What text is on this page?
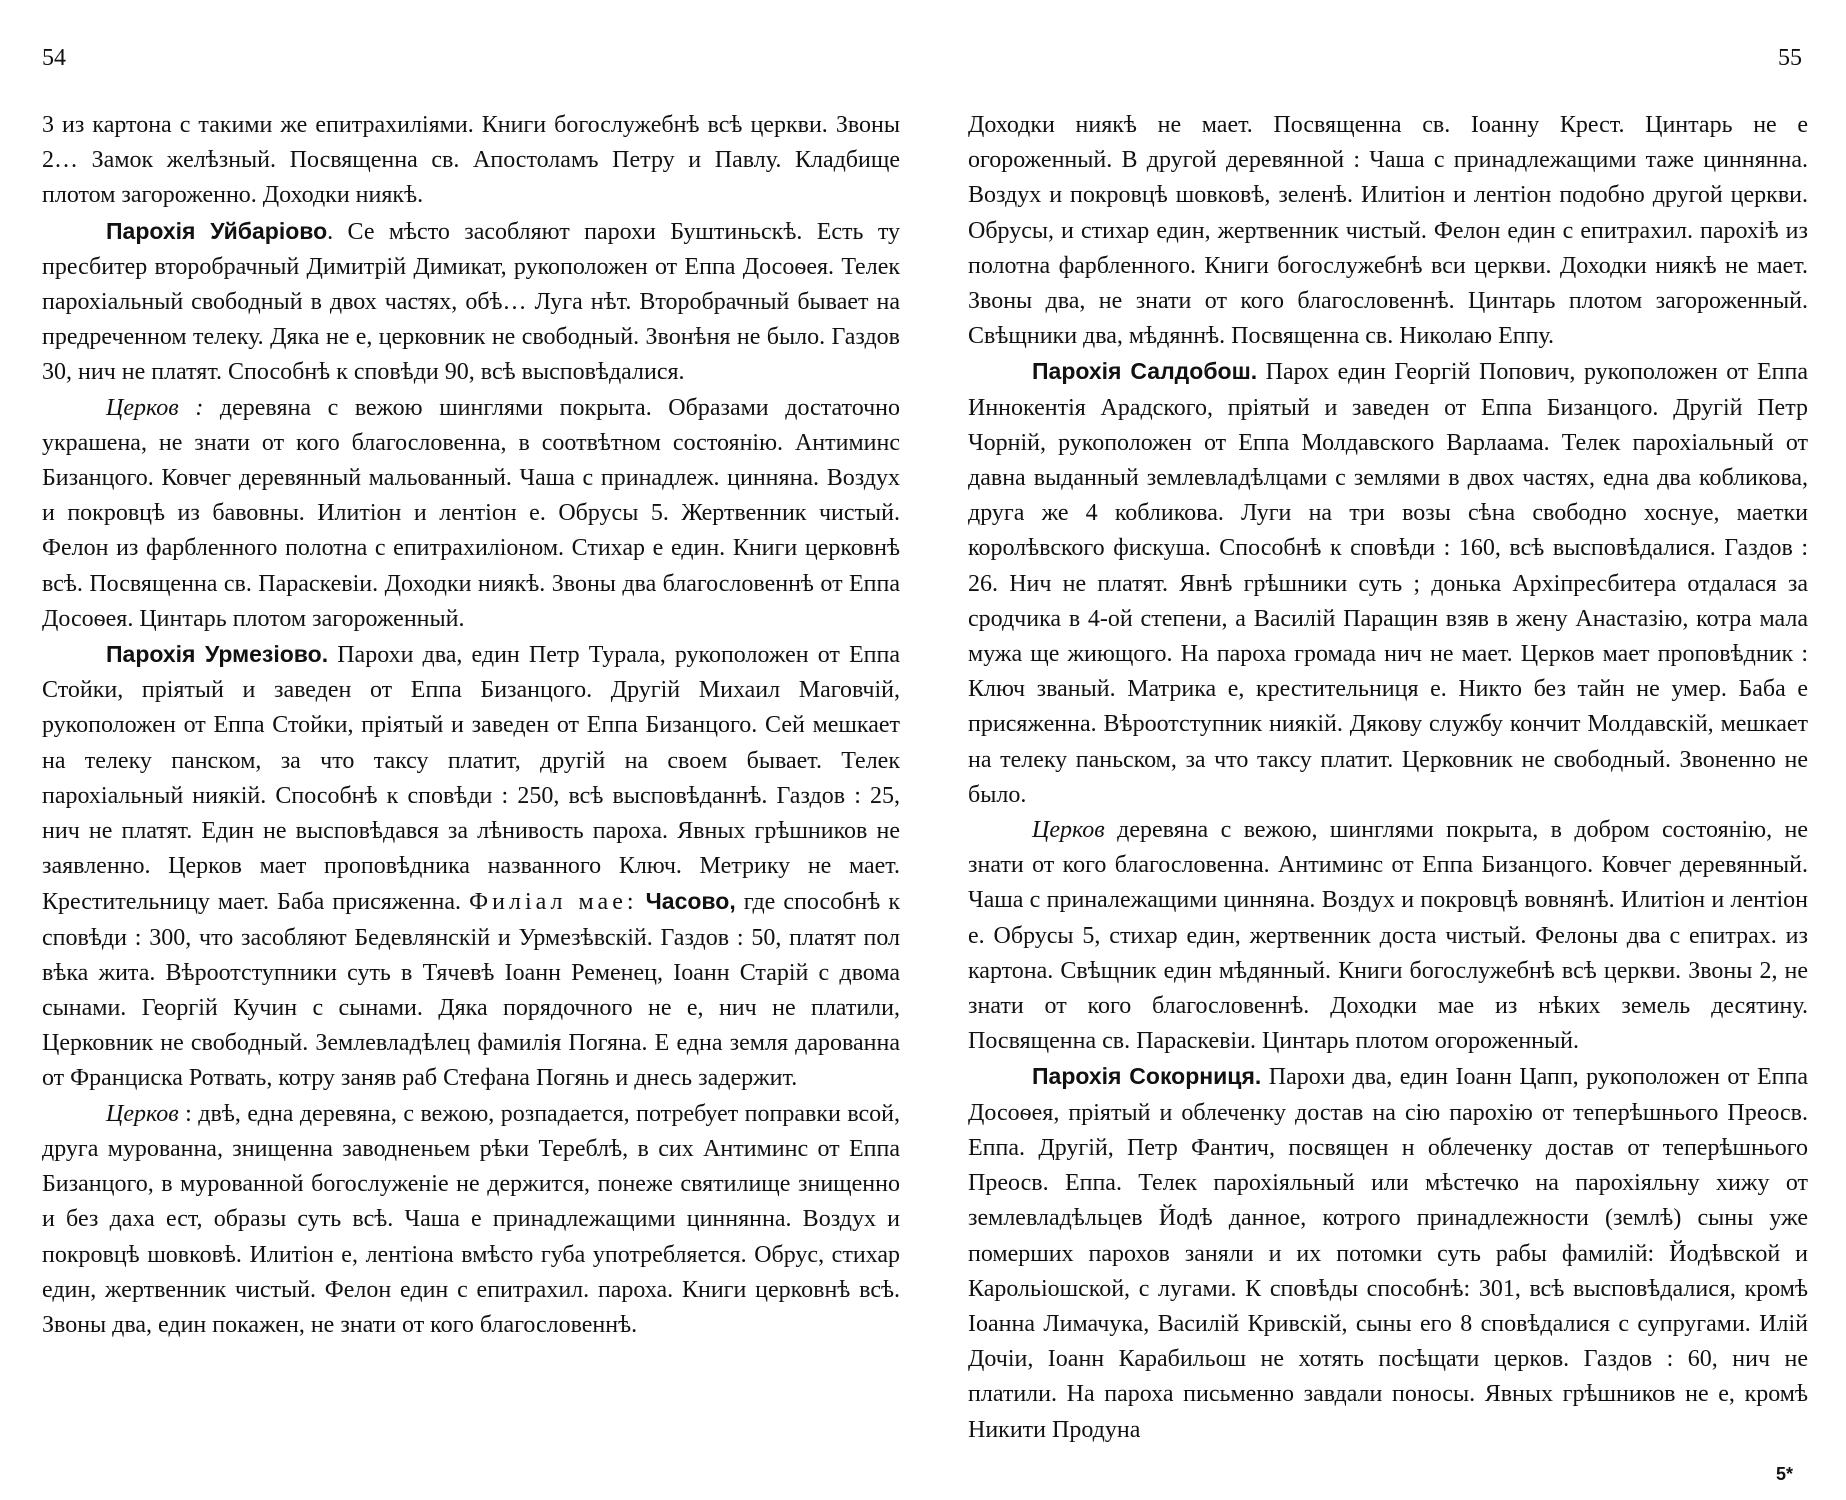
54	55

3 из картона с такими же епитрахиліями. Книги богослужебнѣ всѣ церкви. Звоны 2… Замок желѣзный. Посвященна св. Апостоламъ Петру и Павлу. Кладбище плотом загороженно. Доходки ниякѣ.

Парохія Уйбаріово. Се мѣсто засобляют парохи Буштиньскѣ. Есть ту пресбитер второбрачный Димитрій Димикат, рукоположен от Еппа Досоѳея. Телек парохіальный свободный в двох частях, обѣ… Луга нѣт. Второбрачный бывает на предреченном телеку. Дяка не е, церковник не свободный. Звонѣня не было. Газдов 30, нич не платят. Способнѣ к сповѣди 90, всѣ высповѣдалися.

Церков : деревяна с вежою шинглями покрыта. Образами достаточно украшена, не знати от кого благословенна, в соотвѣтном состоянію. Антиминс Бизанцого. Ковчег деревянный мальованный. Чаша с принадлеж. цинняна. Воздух и покровцѣ из бавовны. Илитіон и лентіон е. Обрусы 5. Жертвенник чистый. Фелон из фарбленного полотна с епитрахиліоном. Стихар е един. Книги церковнѣ всѣ. Посвященна св. Параскевіи. Доходки ниякѣ. Звоны два благословеннѣ от Еппа Досоѳея. Цинтарь плотом загороженный.

Парохія Урмезіово. Парохи два, един Петр Турала, рукоположен от Еппа Стойки, пріятый и заведен от Еппа Бизанцого. Другій Михаил Маговчій, рукоположен от Еппа Стойки, пріятый и заведен от Еппа Бизанцого. Сей мешкает на телеку панском, за что таксу платит, другій на своем бывает. Телек парохіальный ниякій. Способнѣ к сповѣди : 250, всѣ высповѣданнѣ. Газдов : 25, нич не платят. Един не высповѣдався за лѣнивость пароха. Явных грѣшников не заявленно. Церков мает проповѣдника названного Ключ. Метрику не мает. Крестительницу мает. Баба присяженна. Филіал мае: Часово, где способнѣ к сповѣди : 300, что засобляют Бедевлянскій и Урмезѣвскій. Газдов : 50, платят пол вѣка жита. Вѣроотступники суть в Тячевѣ Іоанн Ременец, Іоанн Старій с двома сынами. Георгій Кучин с сынами. Дяка порядочного не е, нич не платили, Церковник не свободный. Землевладѣлец фамилія Погяна. Е една земля дарованна от Франциска Ротвать, котру заняв раб Стефана Погянь и днесь задержит.

Церков : двѣ, една деревяна, с вежою, розпадается, потребует поправки всой, друга мурованна, знищенна заводненьем рѣки Тереблѣ, в сих Антиминс от Еппа Бизанцого, в мурованной богослуженіе не держится, понеже святилище знищенно и без даха ест, образы суть всѣ. Чаша е принадлежащими циннянна. Воздух и покровцѣ шовковѣ. Илитіон е, лентіона вмѣсто губа употребляется. Обрус, стихар един, жертвенник чистый. Фелон един с епитрахил. пароха. Книги церковнѣ всѣ. Звоны два, един покажен, не знати от кого благословеннѣ.

Доходки ниякѣ не мает. Посвященна св. Іоанну Крест. Цинтарь не е огороженный. В другой деревянной : Чаша с принадлежащими таже циннянна. Воздух и покровцѣ шовковѣ, зеленѣ. Илитіон и лентіон подобно другой церкви. Обрусы, и стихар един, жертвенник чистый. Фелон един с епитрахил. парохіѣ из полотна фарбленного. Книги богослужебнѣ вси церкви. Доходки ниякѣ не мает. Звоны два, не знати от кого благословеннѣ. Цинтарь плотом загороженный. Свѣщники два, мѣдяннѣ. Посвященна св. Николаю Еппу.

Парохія Салдобош. Парох един Георгій Попович, рукоположен от Еппа Иннокентія Арадского, пріятый и заведен от Еппа Бизанцого. Другій Петр Чорній, рукоположен от Еппа Молдавского Варлаама. Телек парохіальный от давна выданный землевладѣлцами с землями в двох частях, една два кобликова, друга же 4 кобликова. Луги на три возы сѣна свободно хоснуе, маетки королѣвского фискуша. Способнѣ к сповѣди : 160, всѣ высповѣдалися. Газдов : 26. Нич не платят. Явнѣ грѣшники суть ; донька Архіпресбитера отдалася за сродчика в 4-ой степени, а Василій Паращин взяв в жену Анастазію, котра мала мужа ще жиющого. На пароха громада нич не мает. Церков мает проповѣдник : Ключ званый. Матрика е, крестительниця е. Никто без тайн не умер. Баба е присяженна. Вѣроотступник ниякій. Дякову службу кончит Молдавскій, мешкает на телеку паньском, за что таксу платит. Церковник не свободный. Звоненно не было.

Церков деревяна с вежою, шинглями покрыта, в добром состоянію, не знати от кого благословенна. Антиминс от Еппа Бизанцого. Ковчег деревянный. Чаша с приналежащими цинняна. Воздух и покровцѣ вовнянѣ. Илитіон и лентіон е. Обрусы 5, стихар един, жертвенник доста чистый. Фелоны два с епитрах. из картона. Свѣщник един мѣдянный. Книги богослужебнѣ всѣ церкви. Звоны 2, не знати от кого благословеннѣ. Доходки мае из нѣких земель десятину. Посвященна св. Параскевіи. Цинтарь плотом огороженный.

Парохія Сокорниця. Парохи два, един Іоанн Цапп, рукоположен от Еппа Досоѳея, пріятый и облеченку достав на сію парохію от теперѣшнього Преосв. Еппа. Другій, Петр Фантич, посвящен н облеченку достав от теперѣшнього Преосв. Еппа. Телек парохіяльный или мѣстечко на парохіяльну хижу от землевладѣльцев Йодѣ данное, котрого принадлежности (землѣ) сыны уже померших парохов заняли и их потомки суть рабы фамилій: Йодѣвской и Карольіошской, с лугами. К сповѣды способнѣ: 301, всѣ высповѣдалися, кромѣ Іоанна Лимачука, Василій Кривскій, сыны его 8 сповѣдалися с супругами. Илій Дочіи, Іоанн Карабильош не хотять посѣщати церков. Газдов : 60, нич не платили. На пароха письменно завдали поносы. Явных грѣшников не е, кромѣ Никити Продуна

5*
